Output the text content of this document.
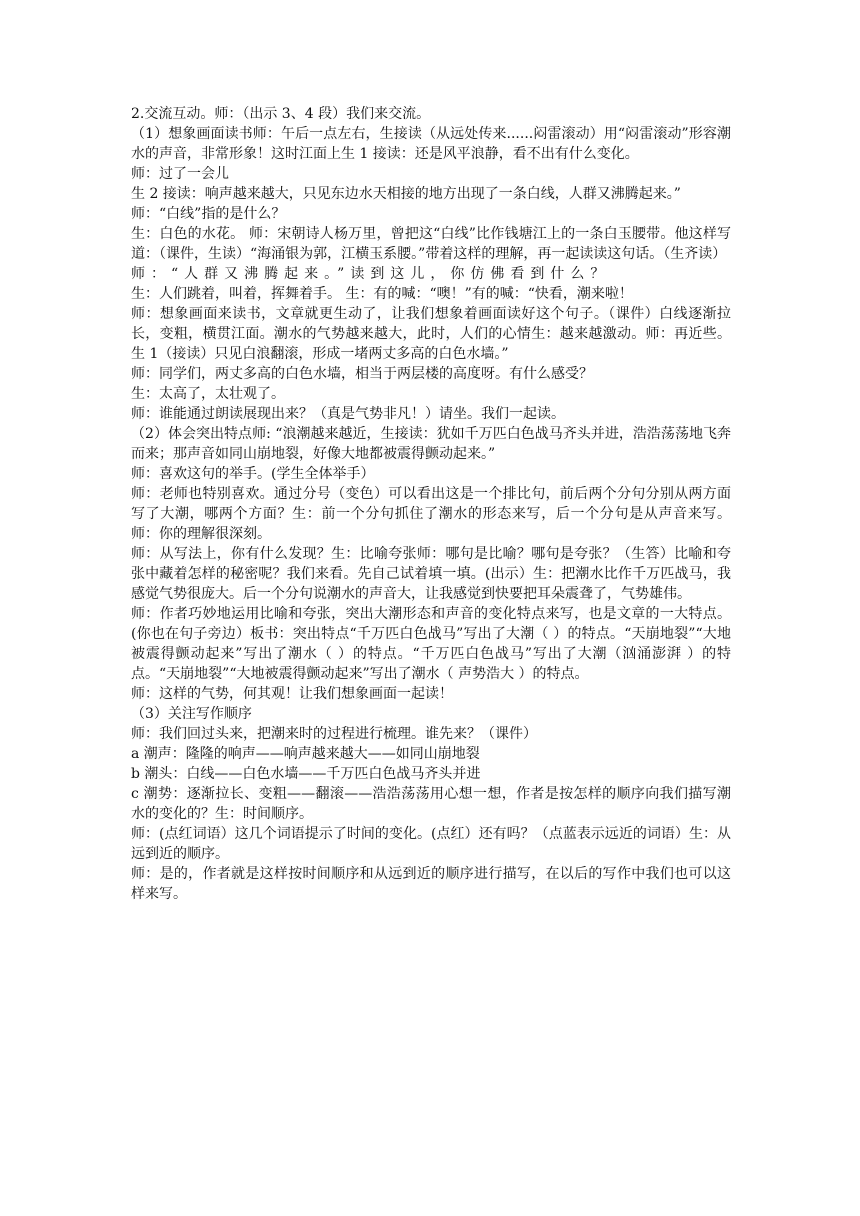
2.交流互动。师：（出示 3、4 段）我们来交流。

（1）想象画面读书师：午后一点左右，生接读（从远处传来......闷雷滚动）用“闷雷滚动”形容潮水的声音，非常形象！这时江面上生 1 接读：还是风平浪静，看不出有什么变化。

师：过了一会儿

生 2 接读：响声越来越大，只见东边水天相接的地方出现了一条白线，人群又沸腾起来。”

师：“白线”指的是什么？

生：白色的水花。 师：宋朝诗人杨万里，曾把这“白线”比作钱塘江上的一条白玉腰带。他这样写道：（课件，生读）“海涌银为郭，江横玉系腰。”带着这样的理解，再一起读读这句话。（生齐读）

师：“人群又沸腾起来。”读到这儿，你仿佛看到什么？

生：人们跳着，叫着，挥舞着手。 生：有的喊：“噢！”有的喊：“快看，潮来啦！

师：想象画面来读书，文章就更生动了，让我们想象着画面读好这个句子。（课件）白线逐渐拉长，变粗，横贯江面。潮水的气势越来越大，此时，人们的心情生：越来越激动。师：再近些。生 1（接读）只见白浪翻滚，形成一堵两丈多高的白色水墙。”

师：同学们，两丈多高的白色水墙，相当于两层楼的高度呀。有什么感受？

生：太高了，太壮观了。

师：谁能通过朗读展现出来？（真是气势非凡！）请坐。我们一起读。

（2）体会突出特点师: “浪潮越来越近，生接读：犹如千万匹白色战马齐头并进，浩浩荡荡地飞奔而来；那声音如同山崩地裂，好像大地都被震得颤动起来。”

师：喜欢这句的举手。(学生全体举手）

师：老师也特别喜欢。通过分号（变色）可以看出这是一个排比句，前后两个分句分别从两方面写了大潮，哪两个方面？生：前一个分句抓住了潮水的形态来写，后一个分句是从声音来写。师：你的理解很深刻。

师：从写法上，你有什么发现？生：比喻夸张师：哪句是比喻？哪句是夸张？（生答）比喻和夸张中藏着怎样的秘密呢？我们来看。先自己试着填一填。(出示）生：把潮水比作千万匹战马，我感觉气势很庞大。后一个分句说潮水的声音大，让我感觉到快要把耳朵震聋了，气势雄伟。

师：作者巧妙地运用比喻和夸张，突出大潮形态和声音的变化特点来写，也是文章的一大特点。(你也在句子旁边）板书：突出特点“千万匹白色战马”写出了大潮（ ）的特点。“天崩地裂”“大地被震得颤动起来”写出了潮水（ ）的特点。“千万匹白色战马”写出了大潮（汹涌澎湃 ）的特点。“天崩地裂”“大地被震得颤动起来”写出了潮水（ 声势浩大 ）的特点。

师：这样的气势，何其观！让我们想象画面一起读！

（3）关注写作顺序

师：我们回过头来，把潮来时的过程进行梳理。谁先来？（课件）

a 潮声：隆隆的响声——响声越来越大——如同山崩地裂

b 潮头：白线——白色水墙——千万匹白色战马齐头并进

c 潮势：逐渐拉长、变粗——翻滚——浩浩荡荡用心想一想，作者是按怎样的顺序向我们描写潮水的变化的？生：时间顺序。

师：(点红词语）这几个词语提示了时间的变化。(点红）还有吗？（点蓝表示远近的词语）生：从远到近的顺序。

师：是的，作者就是这样按时间顺序和从远到近的顺序进行描写，在以后的写作中我们也可以这样来写。
